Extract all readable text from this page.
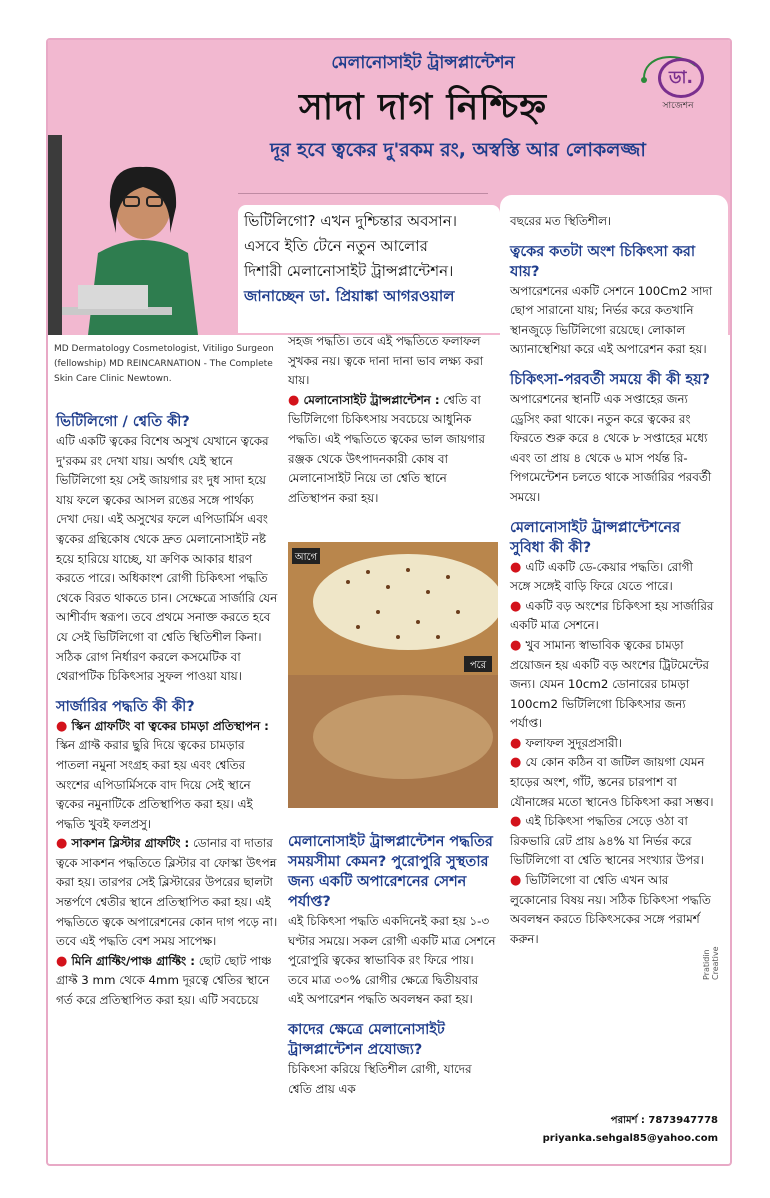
মেলানোসাইট ট্রান্সপ্লান্টেশন
সাদা দাগ নিশ্চিহ্ন
দূর হবে ত্বকের দু'রকম রং, অস্বস্তি আর লোকলজ্জা
ডা.
সাজেশন

ভিটিলিগো? এখন দুশ্চিন্তার অবসান।

এসবে ইতি টেনে নতুন আলোর

দিশারী মেলানোসাইট ট্রান্সপ্লান্টেশন।

জানাচ্ছেন ডা. প্রিয়াঙ্কা আগরওয়াল

MD Dermatology Cosmetologist, Vitiligo Surgeon (fellowship) MD REINCARNATION - The Complete Skin Care Clinic Newtown.
ভিটিলিগো / শ্বেতি কী?

এটি একটি ত্বকের বিশেষ অসুখ যেখানে ত্বকের দু'রকম রং দেখা যায়। অর্থাৎ যেই স্থানে ভিটিলিগো হয় সেই জায়গার রং দুধ সাদা হয়ে যায় ফলে ত্বকের আসল রঙের সঙ্গে পার্থক্য দেখা দেয়। এই অসুখের ফলে এপিডার্মিস এবং ত্বকের গ্রন্থিকোষ থেকে দ্রুত মেলানোসাইট নষ্ট হয়ে হারিয়ে যাচ্ছে, যা ক্রণিক আকার ধারণ করতে পারে। অধিকাংশ রোগী চিকিৎসা পদ্ধতি থেকে বিরত থাকতে চান। সেক্ষেত্রে সার্জারি যেন আশীর্বাদ স্বরূপ। তবে প্রথমে সনাক্ত করতে হবে যে সেই ভিটিলিগো বা শ্বেতি স্থিতিশীল কিনা। সঠিক রোগ নির্ধারণ করলে কসমেটিক বা থেরাপটিক চিকিৎসার সুফল পাওয়া যায়।

সার্জারির পদ্ধতি কী কী?

● স্কিন গ্রাফটিং বা ত্বকের চামড়া প্রতিস্থাপন : স্কিন গ্রাফ্ট করার ছুরি দিয়ে ত্বকের চামড়ার পাতলা নমুনা সংগ্রহ করা হয় এবং শ্বেতির অংশের এপিডার্মিসকে বাদ দিয়ে সেই স্থানে ত্বকের নমুনাটিকে প্রতিস্থাপিত করা হয়। এই পদ্ধতি খুবই ফলপ্রসু।

● সাকশন ব্লিস্টার গ্রাফটিং : ডোনার বা দাতার ত্বকে সাকশন পদ্ধতিতে ব্লিস্টার বা ফোস্কা উৎপন্ন করা হয়। তারপর সেই ব্লিস্টারের উপরের ছালটা সন্তর্পণে শ্বেতীর স্থানে প্রতিস্থাপিত করা হয়। এই পদ্ধতিতে ত্বকে অপারেশনের কোন দাগ পড়ে না। তবে এই পদ্ধতি বেশ সময় সাপেক্ষ।

● মিনি গ্রাফ্টিং/পাঞ্চ গ্রাফ্টিং : ছোট ছোট পাঞ্চ গ্রাফ্ট 3 mm থেকে 4mm দূরত্বে শ্বেতির স্থানে গর্ত করে প্রতিস্থাপিত করা হয়। এটি সবচেয়ে

সহজ পদ্ধতি। তবে এই পদ্ধতিতে ফলাফল সুখকর নয়। ত্বকে দানা দানা ভাব লক্ষ্য করা যায়।

● মেলানোসাইট ট্রান্সপ্লান্টেশন : শ্বেতি বা ভিটিলিগো চিকিৎসায় সবচেয়ে আধুনিক পদ্ধতি। এই পদ্ধতিতে ত্বকের ভাল জায়গার রঞ্জক থেকে উৎপাদনকারী কোষ বা মেলানোসাইট নিয়ে তা শ্বেতি স্থানে প্রতিস্থাপন করা হয়।

আগে
পরে
মেলানোসাইট ট্রান্সপ্লান্টেশন পদ্ধতির সময়সীমা কেমন? পুরোপুরি সুস্থতার জন্য একটি অপারেশনের সেশন পর্যাপ্ত?

এই চিকিৎসা পদ্ধতি একদিনেই করা হয় ১-৩ ঘণ্টার সময়ে। সকল রোগী একটি মাত্র সেশনে পুরোপুরি ত্বকের স্বাভাবিক রং ফিরে পায়। তবে মাত্র ৩০% রোগীর ক্ষেত্রে দ্বিতীয়বার এই অপারেশন পদ্ধতি অবলম্বন করা হয়।

কাদের ক্ষেত্রে মেলানোসাইট ট্রান্সপ্লান্টেশন প্রযোজ্য?

চিকিৎসা করিয়ে স্থিতিশীল রোগী, যাদের শ্বেতি প্রায় এক

বছরের মত স্থিতিশীল।

ত্বকের কতটা অংশ চিকিৎসা করা যায়?

অপারেশনের একটি সেশনে 100Cm2 সাদা ছোপ সারানো যায়; নির্ভর করে কতখানি স্থানজুড়ে ভিটিলিগো রয়েছে। লোকাল অ্যানাস্থেশিয়া করে এই অপারেশন করা হয়।

চিকিৎসা-পরবর্তী সময়ে কী কী হয়?

অপারেশনের স্থানটি এক সপ্তাহের জন্য ড্রেসিং করা থাকে। নতুন করে ত্বকের রং ফিরতে শুরু করে ৪ থেকে ৮ সপ্তাহের মধ্যে এবং তা প্রায় ৪ থেকে ৬ মাস পর্যন্ত রি-পিগমেন্টেশন চলতে থাকে সার্জারির পরবর্তী সময়ে।

মেলানোসাইট ট্রান্সপ্লান্টেশনের সুবিধা কী কী?

● এটি একটি ডে-কেয়ার পদ্ধতি। রোগী সঙ্গে সঙ্গেই বাড়ি ফিরে যেতে পারে।

● একটি বড় অংশের চিকিৎসা হয় সার্জারির একটি মাত্র সেশনে।

● খুব সামান্য স্বাভাবিক ত্বকের চামড়া প্রয়োজন হয় একটি বড় অংশের ট্রিটমেন্টের জন্য। যেমন 10cm2 ডোনারের চামড়া 100cm2 ভিটিলিগো চিকিৎসার জন্য পর্যাপ্ত।

● ফলাফল সুদূরপ্রসারী।

● যে কোন কঠিন বা জটিল জায়গা যেমন হাড়ের অংশ, গাঁট, স্তনের চারপাশ বা যৌনাঙ্গের মতো স্থানেও চিকিৎসা করা সম্ভব।

● এই চিকিৎসা পদ্ধতির সেড়ে ওঠা বা রিকভারি রেট প্রায় ৯৪% যা নির্ভর করে ভিটিলিগো বা শ্বেতি স্থানের সংখ্যার উপর।

● ভিটিলিগো বা শ্বেতি এখন আর লুকোনোর বিষয় নয়। সঠিক চিকিৎসা পদ্ধতি অবলম্বন করতে চিকিৎসকের সঙ্গে পরামর্শ করুন।

পরামর্শ : 7873947778
priyanka.sehgal85@yahoo.com
Pratidin Creative
